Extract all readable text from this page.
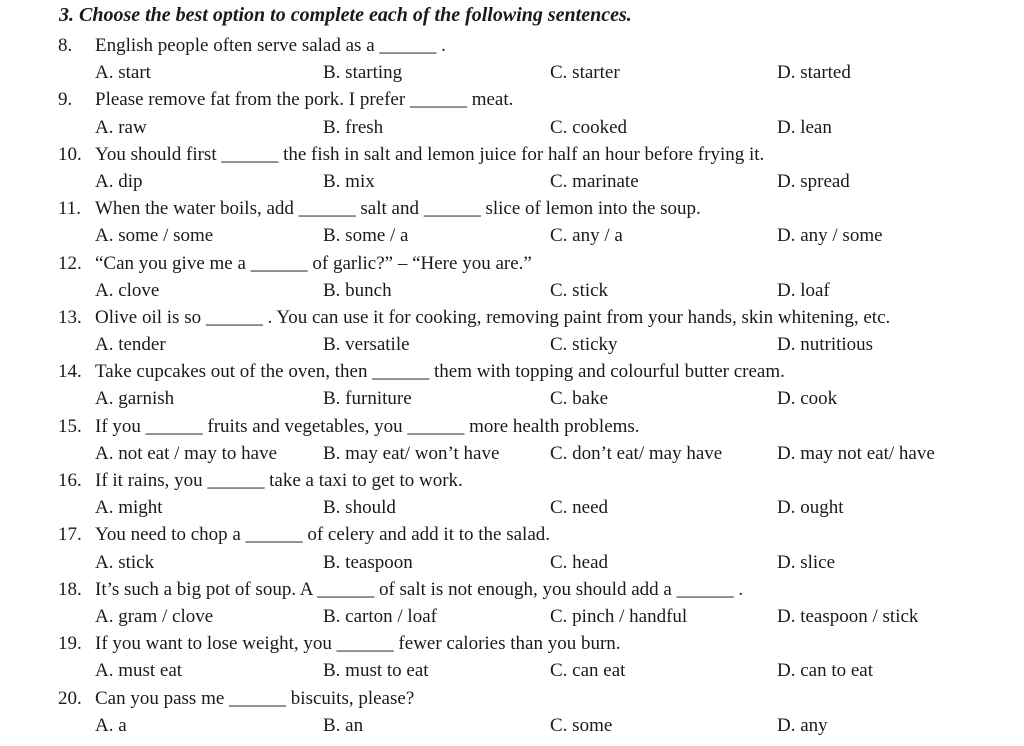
3. Choose the best option to complete each of the following sentences.
8.	English people often serve salad as a ______ .
A. start	B. starting	C. starter	D. started
9.	Please remove fat from the pork. I prefer ______ meat.
A. raw	B. fresh	C. cooked	D. lean
10. You should first ______ the fish in salt and lemon juice for half an hour before frying it.
A. dip	B. mix	C. marinate	D. spread
11. When the water boils, add ______ salt and ______ slice of lemon into the soup.
A. some / some	B. some / a	C. any / a	D. any / some
12. “Can you give me a ______ of garlic?” – “Here you are.”
A. clove	B. bunch	C. stick	D. loaf
13. Olive oil is so ______ . You can use it for cooking, removing paint from your hands, skin whitening, etc.
A. tender	B. versatile	C. sticky	D. nutritious
14. Take cupcakes out of the oven, then ______ them with topping and colourful butter cream.
A. garnish	B. furniture	C. bake	D. cook
15. If you ______ fruits and vegetables, you ______ more health problems.
A. not eat / may to have B. may eat/ won’t have	C. don’t eat/ may have	D. may not eat/ have
16. If it rains, you ______ take a taxi to get to work.
A. might	B. should	C. need	D. ought
17. You need to chop a ______ of celery and add it to the salad.
A. stick	B. teaspoon	C. head	D. slice
18. It’s such a big pot of soup. A ______ of salt is not enough, you should add a ______ .
A. gram / clove	B. carton / loaf	C. pinch / handful	D. teaspoon / stick
19. If you want to lose weight, you ______ fewer calories than you burn.
A. must eat	B. must to eat	C. can eat	D. can to eat
20. Can you pass me ______ biscuits, please?
A. a	B. an	C. some	D. any
